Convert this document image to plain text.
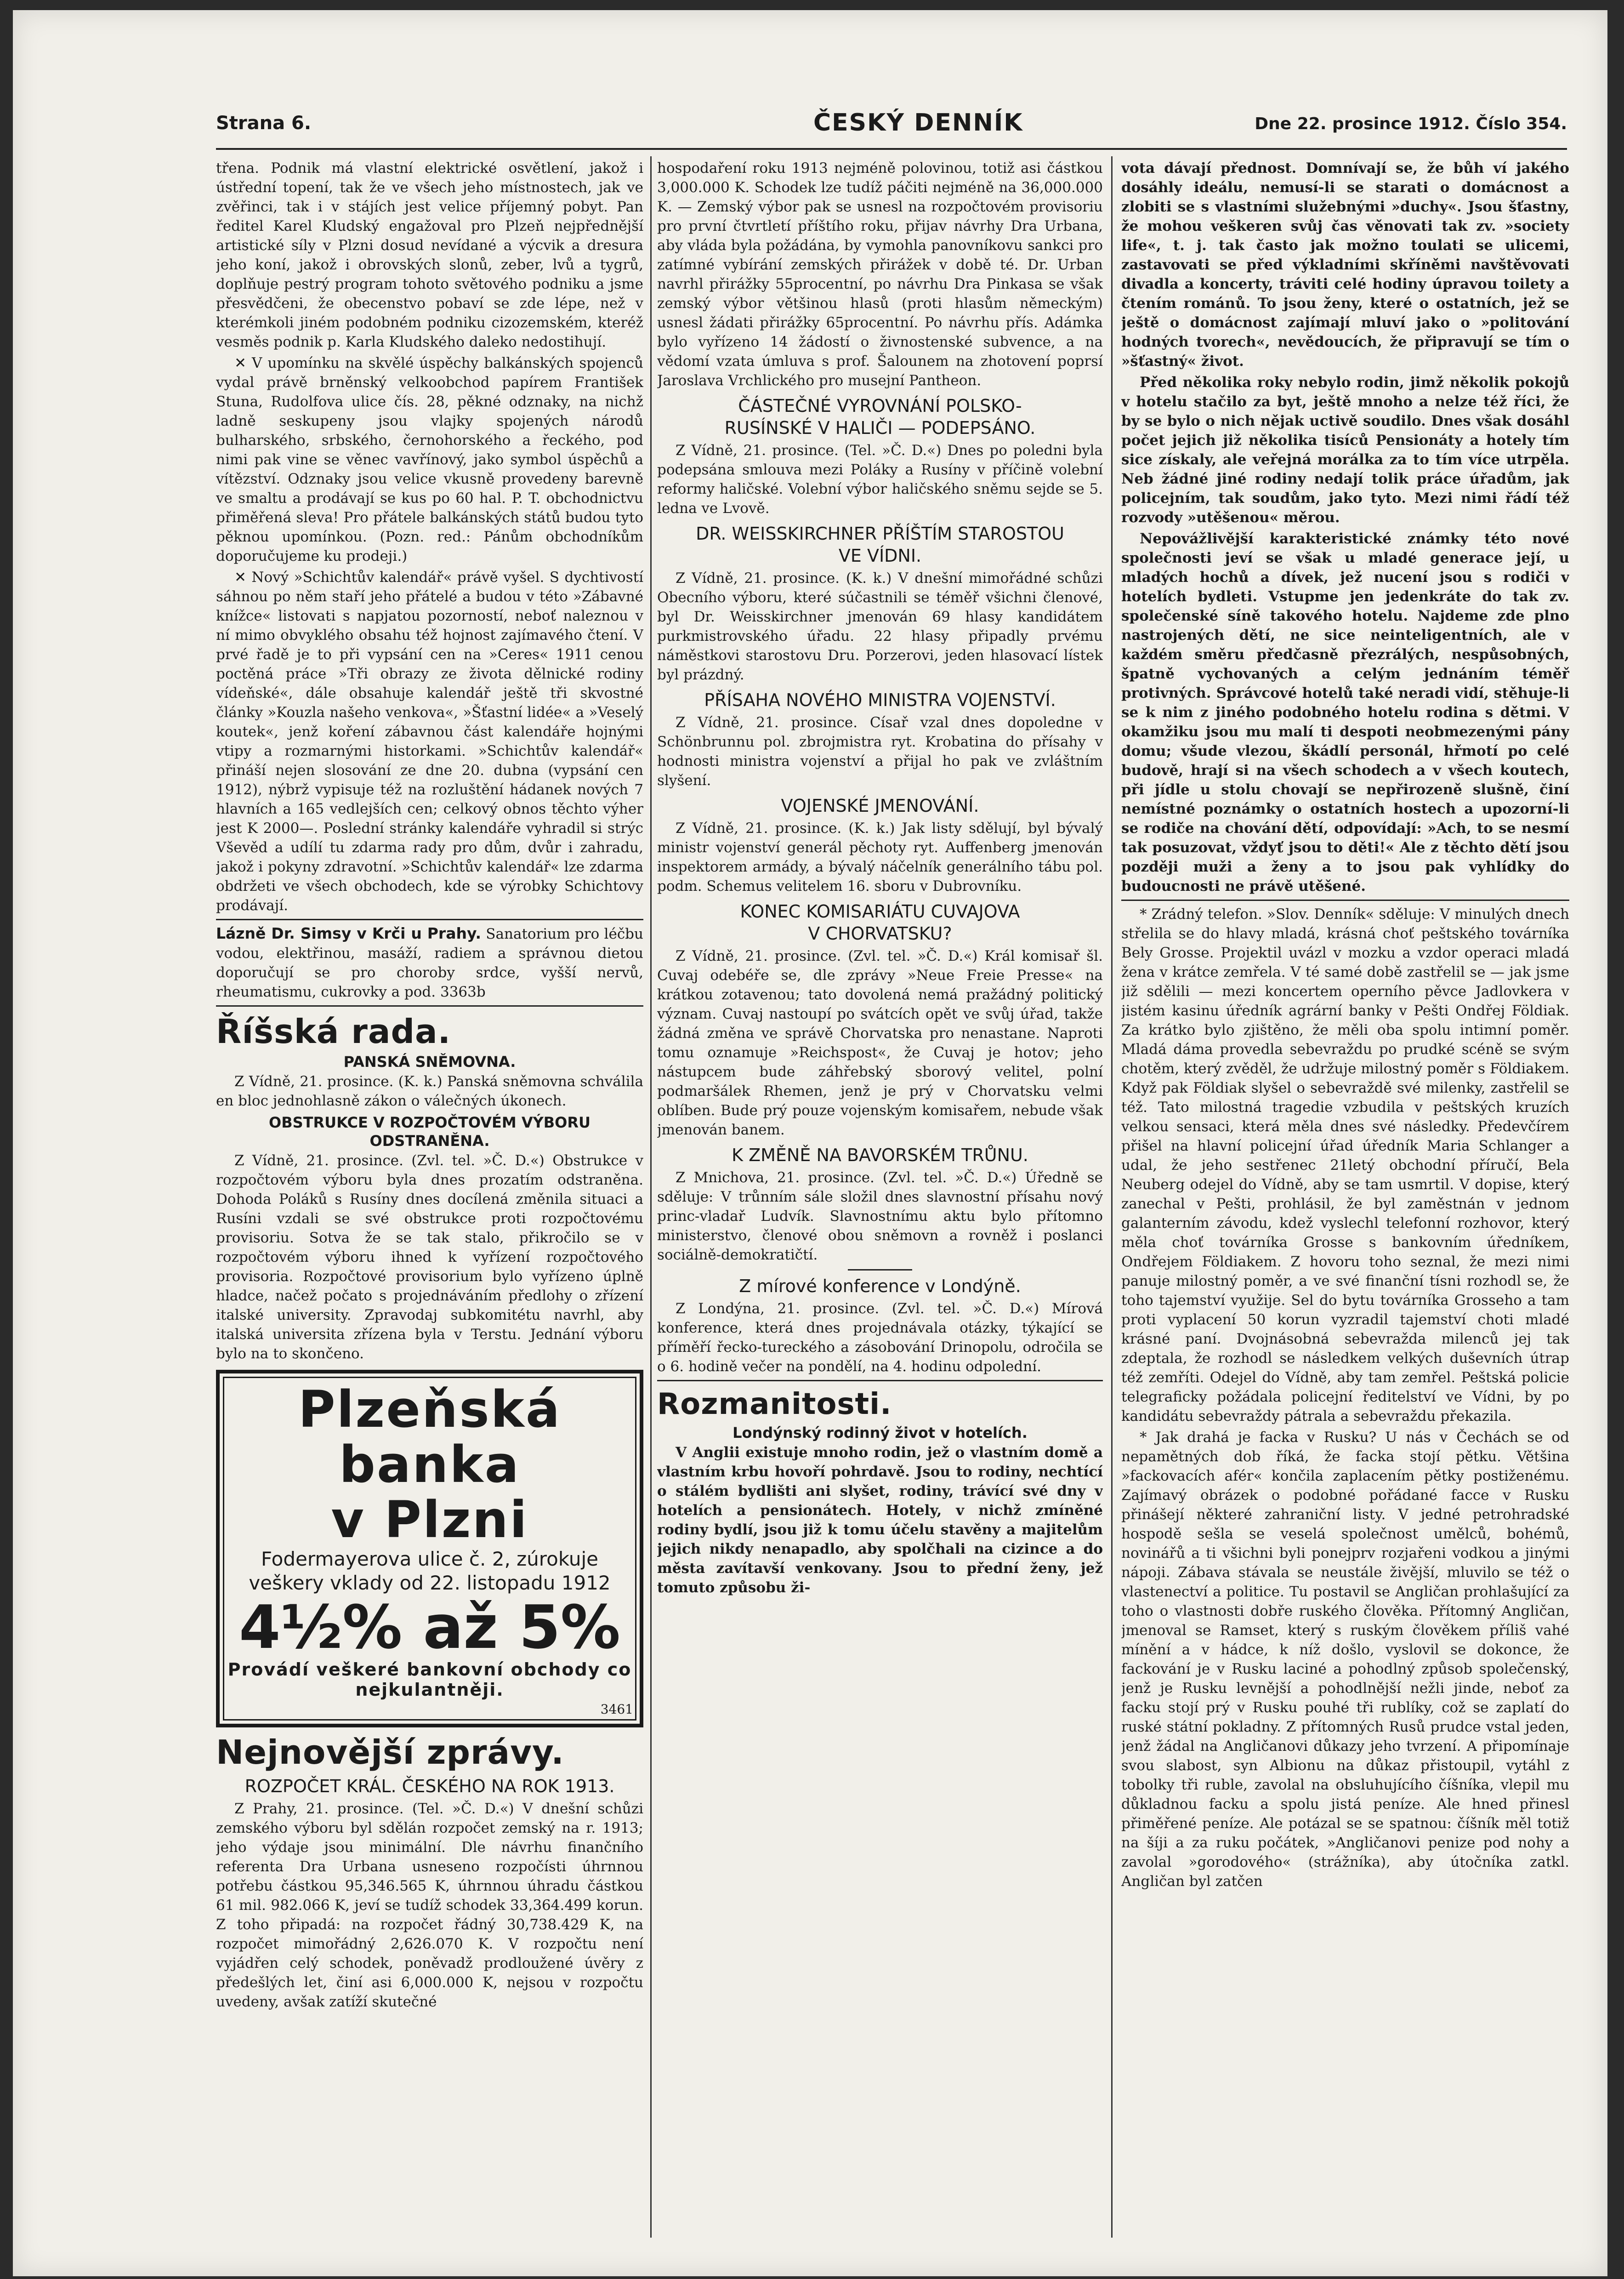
Strana 6.	ČESKÝ DENNÍK	Dne 22. prosince 1912. Číslo 354.

třena. Podnik má vlastní elektrické osvětlení, jakož i ústřední topení, tak že ve všech jeho místnostech, jak ve zvěřinci, tak i v stájích jest velice příjemný pobyt. Pan ředitel Karel Kludský engažoval pro Plzeň nejpřednější artistické síly v Plzni dosud nevídané a výcvik a dresura jeho koní, jakož i obrovských slonů, zeber, lvů a tygrů, doplňuje pestrý program tohoto světového podniku a jsme přesvědčeni, že obecenstvo pobaví se zde lépe, než v kterémkoli jiném podobném podniku cizozemském, kteréž vesměs podnik p. Karla Kludského daleko nedostihují.

✕ V upomínku na skvělé úspěchy balkánských spojenců vydal právě brněnský velkoobchod papírem František Stuna, Rudolfova ulice čís. 28, pěkné odznaky, na nichž ladně seskupeny jsou vlajky spojených národů bulharského, srbského, černohorského a řeckého, pod nimi pak vine se věnec vavřínový, jako symbol úspěchů a vítězství. Odznaky jsou velice vkusně provedeny barevně ve smaltu a prodávají se kus po 60 hal. P. T. obchodnictvu přiměřená sleva! Pro přátele balkánských států budou tyto pěknou upomínkou. (Pozn. red.: Pánům obchodníkům doporučujeme ku prodeji.)

✕ Nový »Schichtův kalendář« právě vyšel. S dychtivostí sáhnou po něm staří jeho přátelé a budou v této »Zábavné knížce« listovati s napjatou pozorností, neboť naleznou v ní mimo obvyklého obsahu též hojnost zajímavého čtení. V prvé řadě je to při vypsání cen na »Ceres« 1911 cenou poctěná práce »Tři obrazy ze života dělnické rodiny vídeňské«, dále obsahuje kalendář ještě tři skvostné články »Kouzla našeho venkova«, »Šťastní lidée« a »Veselý koutek«, jenž koření zábavnou část kalendáře hojnými vtipy a rozmarnými historkami. »Schichtův kalendář« přináší nejen slosování ze dne 20. dubna (vypsání cen 1912), nýbrž vypisuje též na rozluštění hádanek nových 7 hlavních a 165 vedlejších cen; celkový obnos těchto výher jest K 2000—. Poslední stránky kalendáře vyhradil si strýc Vševěd a udílí tu zdarma rady pro dům, dvůr i zahradu, jakož i pokyny zdravotní. »Schichtův kalendář« lze zdarma obdržeti ve všech obchodech, kde se výrobky Schichtovy prodávají.

Lázně Dr. Simsy v Krči u Prahy. Sanatorium pro léčbu vodou, elektřinou, masáží, radiem a správnou dietou doporučují se pro choroby srdce, vyšší nervů, rheumatismu, cukrovky a pod. 3363b
Říšská rada.
PANSKÁ SNĚMOVNA.

Z Vídně, 21. prosince. (K. k.) Panská sněmovna schválila en bloc jednohlasně zákon o válečných úkonech.

OBSTRUKCE V ROZPOČTOVÉM VÝBORU ODSTRANĚNA.

Z Vídně, 21. prosince. (Zvl. tel. »Č. D.«) Obstrukce v rozpočtovém výboru byla dnes prozatím odstraněna. Dohoda Poláků s Rusíny dnes docílená změnila situaci a Rusíni vzdali se své obstrukce proti rozpočtovému provisoriu. Sotva že se tak stalo, přikročilo se v rozpočtovém výboru ihned k vyřízení rozpočtového provisoria. Rozpočtové provisorium bylo vyřízeno úplně hladce, načež počato s projednáváním předlohy o zřízení italské university. Zpravodaj subkomitétu navrhl, aby italská universita zřízena byla v Terstu. Jednání výboru bylo na to skončeno.

Plzeňská banka
v Plzni
Fodermayerova ulice č. 2, zúrokuje veškery vklady od 22. listopadu 1912
4½% až 5%
Provádí veškeré bankovní obchody co nejkulantněji.
3461
Nejnovější zprávy.
ROZPOČET KRÁL. ČESKÉHO NA ROK 1913.

Z Prahy, 21. prosince. (Tel. »Č. D.«) V dnešní schůzi zemského výboru byl sdělán rozpočet zemský na r. 1913; jeho výdaje jsou minimální. Dle návrhu finančního referenta Dra Urbana usneseno rozpočísti úhrnnou potřebu částkou 95,346.565 K, úhrnnou úhradu částkou 61 mil. 982.066 K, jeví se tudíž schodek 33,364.499 korun. Z toho připadá: na rozpočet řádný 30,738.429 K, na rozpočet mimořádný 2,626.070 K. V rozpočtu není vyjádřen celý schodek, poněvadž prodloužené úvěry z předešlých let, činí asi 6,000.000 K, nejsou v rozpočtu uvedeny, avšak zatíží skutečné

hospodaření roku 1913 nejméně polovinou, totiž asi částkou 3,000.000 K. Schodek lze tudíž páčiti nejméně na 36,000.000 K. — Zemský výbor pak se usnesl na rozpočtovém provisoriu pro první čtvrtletí příštího roku, přijav návrhy Dra Urbana, aby vláda byla požádána, by vymohla panovníkovu sankci pro zatímné vybírání zemských přirážek v době té. Dr. Urban navrhl přirážky 55procentní, po návrhu Dra Pinkasa se však zemský výbor většinou hlasů (proti hlasům německým) usnesl žádati přirážky 65procentní. Po návrhu přís. Adámka bylo vyřízeno 14 žádostí o živnostenské subvence, a na vědomí vzata úmluva s prof. Šalounem na zhotovení poprsí Jaroslava Vrchlického pro musejní Pantheon.

ČÁSTEČNÉ VYROVNÁNÍ POLSKO-
RUSÍNSKÉ V HALIČI — PODEPSÁNO.

Z Vídně, 21. prosince. (Tel. »Č. D.«) Dnes po poledni byla podepsána smlouva mezi Poláky a Rusíny v příčině volební reformy haličské. Volební výbor haličského sněmu sejde se 5. ledna ve Lvově.

DR. WEISSKIRCHNER PŘÍŠTÍM STAROSTOU
VE VÍDNI.

Z Vídně, 21. prosince. (K. k.) V dnešní mimořádné schůzi Obecního výboru, které súčastnili se téměř všichni členové, byl Dr. Weisskirchner jmenován 69 hlasy kandidátem purkmistrovského úřadu. 22 hlasy připadly prvému náměstkovi starostovu Dru. Porzerovi, jeden hlasovací lístek byl prázdný.

PŘÍSAHA NOVÉHO MINISTRA VOJENSTVÍ.

Z Vídně, 21. prosince. Císař vzal dnes dopoledne v Schönbrunnu pol. zbrojmistra ryt. Krobatina do přísahy v hodnosti ministra vojenství a přijal ho pak ve zvláštním slyšení.

VOJENSKÉ JMENOVÁNÍ.

Z Vídně, 21. prosince. (K. k.) Jak listy sdělují, byl bývalý ministr vojenství generál pěchoty ryt. Auffenberg jmenován inspektorem armády, a bývalý náčelník generálního tábu pol. podm. Schemus velitelem 16. sboru v Dubrovníku.

KONEC KOMISARIÁTU CUVAJOVA
V CHORVATSKU?

Z Vídně, 21. prosince. (Zvl. tel. »Č. D.«) Král komisař šl. Cuvaj odebéře se, dle zprávy »Neue Freie Presse« na krátkou zotavenou; tato dovolená nemá pražádný politický význam. Cuvaj nastoupí po svátcích opět ve svůj úřad, takže žádná změna ve správě Chorvatska pro nenastane. Naproti tomu oznamuje »Reichspost«, že Cuvaj je hotov; jeho nástupcem bude záhřebský sborový velitel, polní podmaršálek Rhemen, jenž je prý v Chorvatsku velmi oblíben. Bude prý pouze vojenským komisařem, nebude však jmenován banem.

K ZMĚNĚ NA BAVORSKÉM TRŮNU.

Z Mnichova, 21. prosince. (Zvl. tel. »Č. D.«) Úředně se sděluje: V trůnním sále složil dnes slavnostní přísahu nový princ-vladař Ludvík. Slavnostnímu aktu bylo přítomno ministerstvo, členové obou sněmovn a rovněž i poslanci sociálně-demokratičtí.

Z mírové konference v Londýně.

Z Londýna, 21. prosince. (Zvl. tel. »Č. D.«) Mírová konference, která dnes projednávala otázky, týkající se příměří řecko-tureckého a zásobování Drinopolu, odročila se o 6. hodině večer na pondělí, na 4. hodinu odpolední.

Rozmanitosti.
Londýnský rodinný život v hotelích.

V Anglii existuje mnoho rodin, jež o vlastním domě a vlastním krbu hovoří pohrdavě. Jsou to rodiny, nechtící o stálém bydlišti ani slyšet, rodiny, trávící své dny v hotelích a pensionátech. Hotely, v nichž zmíněné rodiny bydlí, jsou již k tomu účelu stavěny a majitelům jejich nikdy nenapadlo, aby spolčhali na cizince a do města zavítavší venkovany. Jsou to přední ženy, jež tomuto způsobu ži-

vota dávají přednost. Domnívají se, že bůh ví jakého dosáhly ideálu, nemusí-li se starati o domácnost a zlobiti se s vlastními služebnými »duchy«. Jsou šťastny, že mohou veškeren svůj čas věnovati tak zv. »society life«, t. j. tak často jak možno toulati se ulicemi, zastavovati se před výkladními skříněmi navštěvovati divadla a koncerty, tráviti celé hodiny úpravou toilety a čtením románů. To jsou ženy, které o ostatních, jež se ještě o domácnost zajímají mluví jako o »politování hodných tvorech«, nevědoucích, že připravují se tím o »šťastný« život.

Před několika roky nebylo rodin, jimž několik pokojů v hotelu stačilo za byt, ještě mnoho a nelze též říci, že by se bylo o nich nějak uctivě soudilo. Dnes však dosáhl počet jejich již několika tisíců Pensionáty a hotely tím sice získaly, ale veřejná morálka za to tím více utrpěla. Neb žádné jiné rodiny nedají tolik práce úřadům, jak policejním, tak soudům, jako tyto. Mezi nimi řádí též rozvody »utěšenou« měrou.

Nepovážlivější karakteristické známky této nové společnosti jeví se však u mladé generace její, u mladých hochů a dívek, jež nucení jsou s rodiči v hotelích bydleti. Vstupme jen jedenkráte do tak zv. společenské síně takového hotelu. Najdeme zde plno nastrojených dětí, ne sice neinteligentních, ale v každém směru předčasně přezrálých, nespůsobných, špatně vychovaných a celým jednáním téměř protivných. Správcové hotelů také neradi vidí, stěhuje-li se k nim z jiného podobného hotelu rodina s dětmi. V okamžiku jsou mu malí ti despoti neobmezenými pány domu; všude vlezou, škádlí personál, hřmotí po celé budově, hrají si na všech schodech a v všech koutech, při jídle u stolu chovají se nepřirozeně slušně, činí nemístné poznámky o ostatních hostech a upozorní-li se rodiče na chování dětí, odpovídají: »Ach, to se nesmí tak posuzovat, vždyť jsou to děti!« Ale z těchto dětí jsou později muži a ženy a to jsou pak vyhlídky do budoucnosti ne právě utěšené.

* Zrádný telefon. »Slov. Denník« sděluje: V minulých dnech střelila se do hlavy mladá, krásná choť peštského továrníka Bely Grosse. Projektil uvázl v mozku a vzdor operaci mladá žena v krátce zemřela. V té samé době zastřelil se — jak jsme již sdělili — mezi koncertem operního pěvce Jadlovkera v jistém kasinu úředník agrární banky v Pešti Ondřej Földiak. Za krátko bylo zjištěno, že měli oba spolu intimní poměr. Mladá dáma provedla sebevraždu po prudké scéně se svým chotěm, který zvěděl, že udržuje milostný poměr s Földiakem. Když pak Földiak slyšel o sebevraždě své milenky, zastřelil se též. Tato milostná tragedie vzbudila v peštských kruzích velkou sensaci, která měla dnes své následky. Předevčírem přišel na hlavní policejní úřad úředník Maria Schlanger a udal, že jeho sestřenec 21letý obchodní příručí, Bela Neuberg odejel do Vídně, aby se tam usmrtil. V dopise, který zanechal v Pešti, prohlásil, že byl zaměstnán v jednom galanterním závodu, kdež vyslechl telefonní rozhovor, který měla choť továrníka Grosse s bankovním úředníkem, Ondřejem Földiakem. Z hovoru toho seznal, že mezi nimi panuje milostný poměr, a ve své finanční tísni rozhodl se, že toho tajemství využije. Sel do bytu továrníka Grosseho a tam proti vyplacení 50 korun vyzradil tajemství choti mladé krásné paní. Dvojnásobná sebevražda milenců jej tak zdeptala, že rozhodl se následkem velkých duševních útrap též zemříti. Odejel do Vídně, aby tam zemřel. Peštská policie telegraficky požádala policejní ředitelství ve Vídni, by po kandidátu sebevraždy pátrala a sebevraždu překazila.

* Jak drahá je facka v Rusku? U nás v Čechách se od nepamětných dob říká, že facka stojí pětku. Většina »fackovacích afér« končila zaplacením pětky postiženému. Zajímavý obrázek o podobné pořádané facce v Rusku přinášejí některé zahraniční listy. V jedné petrohradské hospodě sešla se veselá společnost umělců, bohémů, novinářů a ti všichni byli ponejprv rozjařeni vodkou a jinými nápoji. Zábava stávala se neustále živější, mluvilo se též o vlastenectví a politice. Tu postavil se Angličan prohlašující za toho o vlastnosti dobře ruského člověka. Přítomný Angličan, jmenoval se Ramset, který s ruským člověkem příliš vahé mínění a v hádce, k níž došlo, vyslovil se dokonce, že fackování je v Rusku laciné a pohodlný způsob společenský, jenž je Rusku levnější a pohodlnější nežli jinde, neboť za facku stojí prý v Rusku pouhé tři rublíky, což se zaplatí do ruské státní pokladny. Z přítomných Rusů prudce vstal jeden, jenž žádal na Angličanovi důkazy jeho tvrzení. A připomínaje svou slabost, syn Albionu na důkaz přistoupil, vytáhl z tobolky tři ruble, zavolal na obsluhujícího číšníka, vlepil mu důkladnou facku a spolu jistá peníze. Ale hned přinesl přiměřené peníze. Ale potázal se se spatnou: číšník měl totiž na šíji a za ruku počátek, »Angličanovi penize pod nohy a zavolal »gorodového« (strážníka), aby útočníka zatkl. Angličan byl zatčen
